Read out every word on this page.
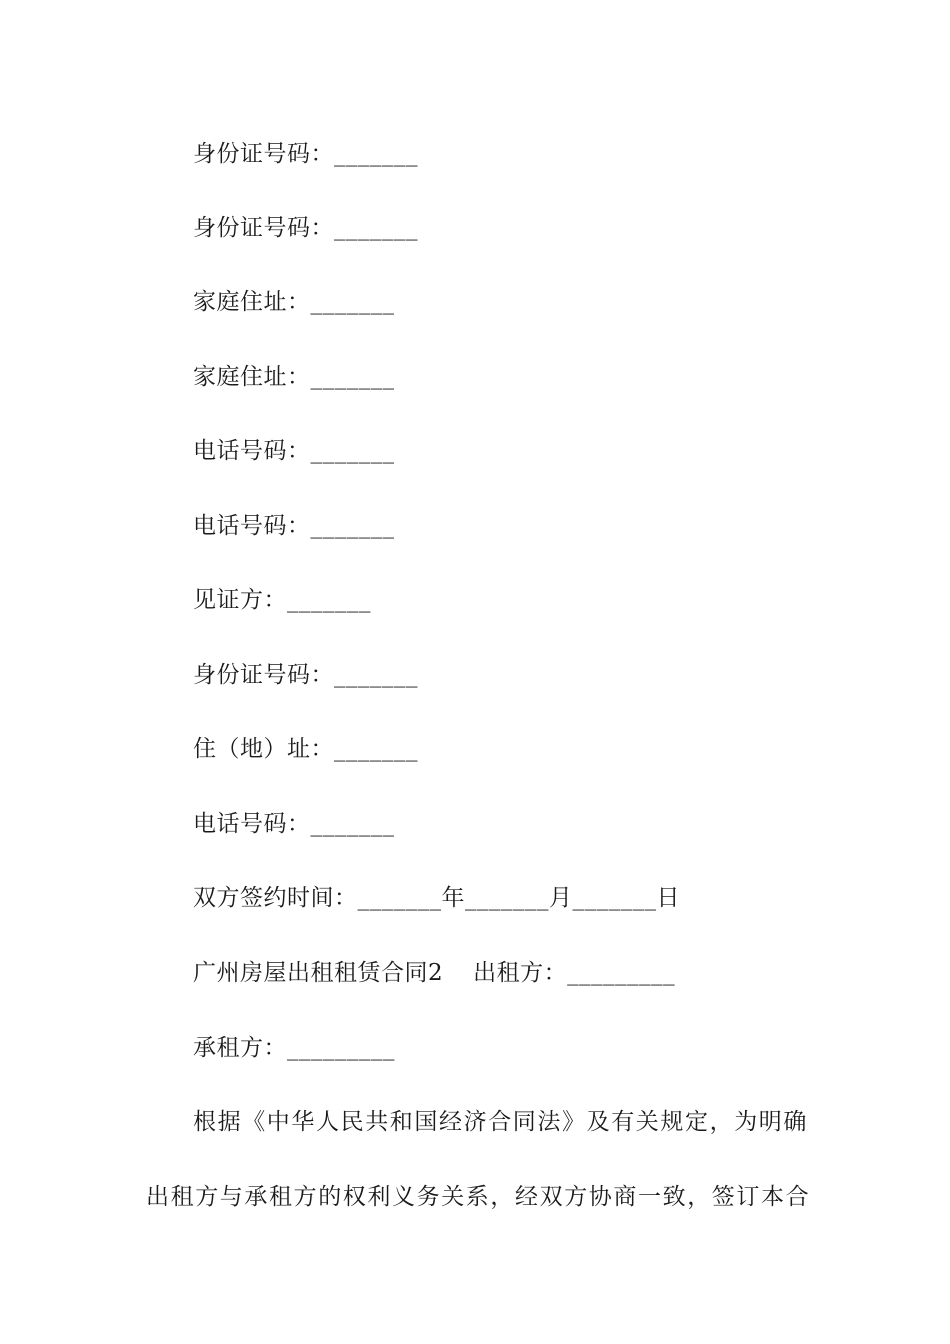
身份证号码：_______
身份证号码：_______
家庭住址：_______
家庭住址：_______
电话号码：_______
电话号码：_______
见证方：_______
身份证号码：_______
住（地）址：_______
电话号码：_______
双方签约时间：_______年_______月_______日
广州房屋出租租赁合同2 出租方：_________
承租方：_________
根据《中华人民共和国经济合同法》及有关规定，为明确
出租方与承租方的权利义务关系，经双方协商一致，签订本合
